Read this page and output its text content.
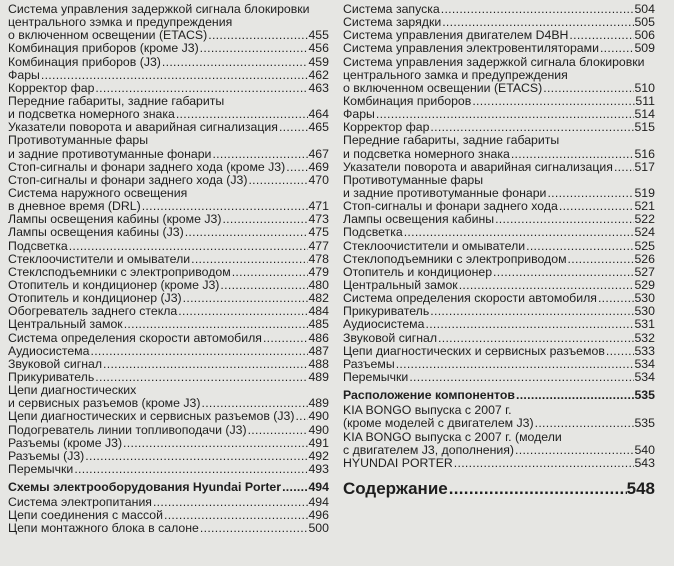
Система управления задержкой сигнала блокировки
центрального зэмка и предупреждения
о включенном освещении (ETACS) .....	455
Комбинация приборов (кроме J3) .....	456
Комбинация приборов (J3) .....	459
Фары .....	462
Корректор фар .....	463
Передние габариты, задние габариты
и подсветка номерного знака .....	464
Указатели поворота и аварийная сигнализация ..... 465
Противотуманные фары
и задние противотуманные фонари .....	467
Стоп-сигналы и фонари заднего хода (кроме J3) ..... 469
Стоп-сигналы и фонари заднего хода (J3) .....	470
Система наружного освещения
в дневное время (DRL) .....	471
Лампы освещения кабины (кроме J3) .....	473
Лампы освещения кабины (J3) .....	475
Подсветка .....	477
Стеклоочистители и омыватели .....	478
Стеклсподъемники с электроприводом .....	479
Отопитель и кондиционер (кроме J3) .....	480
Отопитель и кондиционер (J3) .....	482
Обогреватель заднего стекла .....	484
Центральный замок .....	485
Система определения скорости автомобиля .....	486
Аудиосистема .....	487
Звуковой сигнал .....	488
Прикуриватель .....	489
Цепи диагностических
и сервисных разъемов (кроме J3) .....	489
Цепи диагностических и сервисных разъемов (J3) ..... 490
Подогреватель линии топливоподачи (J3) .....	490
Разъемы (кроме J3) .....	491
Разъемы (J3) .....	492
Перемычки .....	493
Схемы электрооборудования Hyundai Porter ..... 494
Система электропитания .....	494
Цепи соединения с массой .....	496
Цепи монтажного блока в салоне .....	500
Система запуска .....	504
Система зарядки .....	505
Система управления двигателем D4BH .....	506
Система управления электровентиляторами .....	509
Система управления задержкой сигнала блокировки
центрального замка и предупреждения
о включенном освещении (ETACS) .....	510
Комбинация приборов .....	511
Фары .....	514
Корректор фар .....	515
Передние габариты, задние габариты
и подсветка номерного знака .....	516
Указатели поворота и аварийная сигнализация ..... 517
Противотуманные фары
и задние противотуманные фонари .....	519
Стоп-сигналы и фонари заднего хода .....	521
Лампы освещения кабины .....	522
Подсветка .....	524
Стеклоочистители и омыватели .....	525
Стеклоподъемники с электроприводом .....	526
Отопитель и кондиционер .....	527
Центральный замок .....	529
Система определения скорости автомобиля .....	530
Прикуриватель .....	530
Аудиосистема .....	531
Звуковой сигнал .....	532
Цепи диагностических и сервисных разъемов ..... 533
Разъемы .....	534
Перемычки .....	534
Расположение компонентов .....	535
KIA BONGO выпуска с 2007 г.
(кроме моделей с двигателем J3) .....	535
KIA BONGO выпуска с 2007 г. (модели
с двигателем J3, дополнения) .....	540
HYUNDAI PORTER .....	543
Содержание .....	548
